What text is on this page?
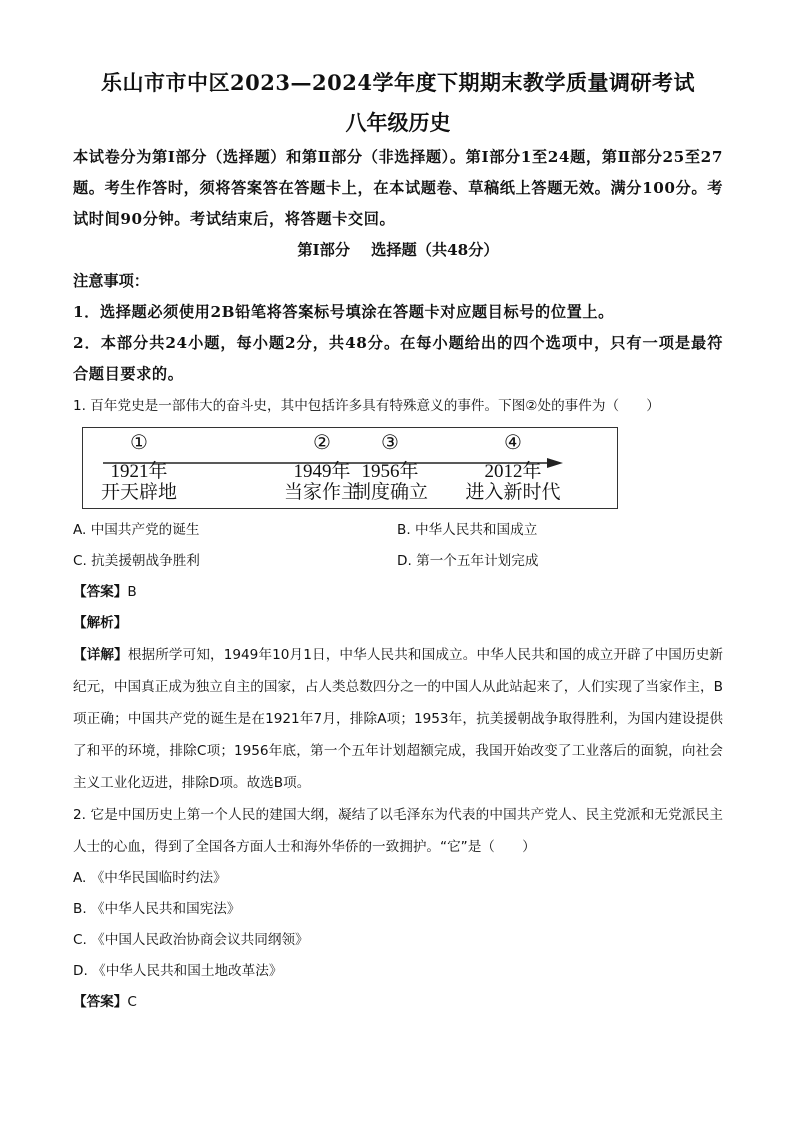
乐山市市中区2023—2024学年度下期期末教学质量调研考试

八年级历史

本试卷分为第Ⅰ部分（选择题）和第Ⅱ部分（非选择题）。第Ⅰ部分1至24题，第Ⅱ部分25至27题。考生作答时，须将答案答在答题卡上，在本试题卷、草稿纸上答题无效。满分100分。考试时间90分钟。考试结束后，将答题卡交回。

第Ⅰ部分    选择题（共48分）

注意事项：

1．选择题必须使用2B铅笔将答案标号填涂在答题卡对应题目标号的位置上。

2．本部分共24小题，每小题2分，共48分。在每小题给出的四个选项中，只有一项是最符合题目要求的。

1. 百年党史是一部伟大的奋斗史，其中包括许多具有特殊意义的事件。下图②处的事件为（　　）

①
1921年
开天辟地
②
1949年
当家作主
③
1956年
制度确立
④
2012年
进入新时代
A. 中国共产党的诞生	B. 中华人民共和国成立
C. 抗美援朝战争胜利	D. 第一个五年计划完成

【答案】B

【解析】

【详解】根据所学可知，1949年10月1日，中华人民共和国成立。中华人民共和国的成立开辟了中国历史新纪元，中国真正成为独立自主的国家，占人类总数四分之一的中国人从此站起来了，人们实现了当家作主，B项正确；中国共产党的诞生是在1921年7月，排除A项；1953年，抗美援朝战争取得胜利，为国内建设提供了和平的环境，排除C项；1956年底，第一个五年计划超额完成，我国开始改变了工业落后的面貌，向社会主义工业化迈进，排除D项。故选B项。

2. 它是中国历史上第一个人民的建国大纲，凝结了以毛泽东为代表的中国共产党人、民主党派和无党派民主人士的心血，得到了全国各方面人士和海外华侨的一致拥护。“它”是（　　）

A. 《中华民国临时约法》

B. 《中华人民共和国宪法》

C. 《中国人民政治协商会议共同纲领》

D. 《中华人民共和国土地改革法》

【答案】C
